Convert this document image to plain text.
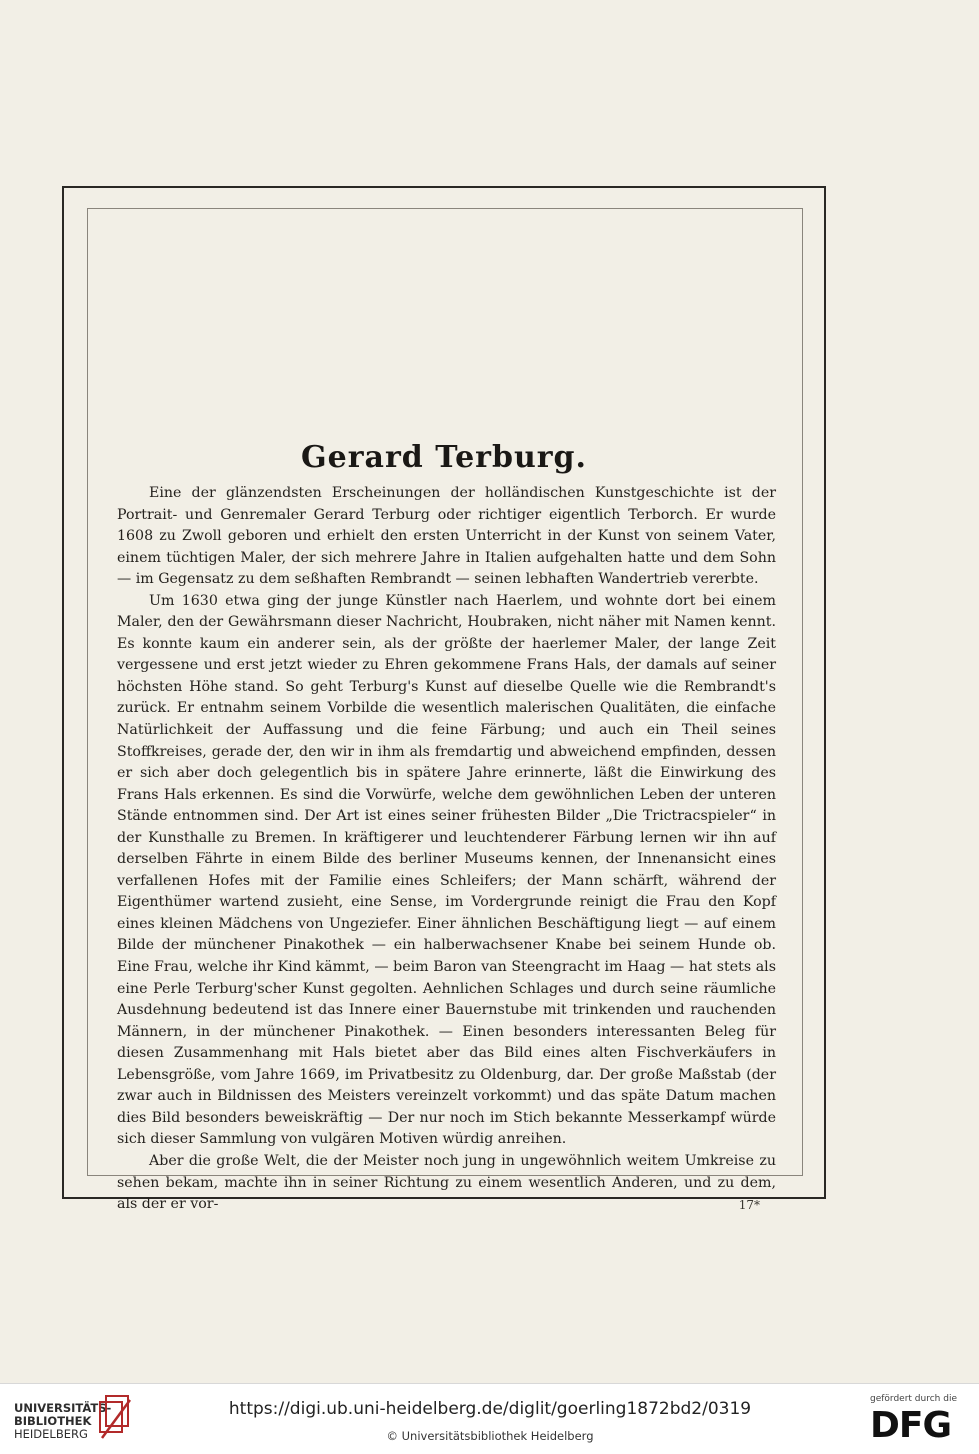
Gerard Terburg.

Eine der glänzendsten Erscheinungen der holländischen Kunstgeschichte ist der Portrait- und Genremaler Gerard Terburg oder richtiger eigentlich Terborch. Er wurde 1608 zu Zwoll geboren und erhielt den ersten Unterricht in der Kunst von seinem Vater, einem tüchtigen Maler, der sich mehrere Jahre in Italien aufgehalten hatte und dem Sohn — im Gegensatz zu dem seßhaften Rembrandt — seinen lebhaften Wandertrieb vererbte.

Um 1630 etwa ging der junge Künstler nach Haerlem, und wohnte dort bei einem Maler, den der Gewährsmann dieser Nachricht, Houbraken, nicht näher mit Namen kennt. Es konnte kaum ein anderer sein, als der größte der haerlemer Maler, der lange Zeit vergessene und erst jetzt wieder zu Ehren gekommene Frans Hals, der damals auf seiner höchsten Höhe stand. So geht Terburg's Kunst auf dieselbe Quelle wie die Rembrandt's zurück. Er entnahm seinem Vorbilde die wesentlich malerischen Qualitäten, die einfache Natürlichkeit der Auffassung und die feine Färbung; und auch ein Theil seines Stoffkreises, gerade der, den wir in ihm als fremdartig und abweichend empfinden, dessen er sich aber doch gelegentlich bis in spätere Jahre erinnerte, läßt die Einwirkung des Frans Hals erkennen. Es sind die Vorwürfe, welche dem gewöhnlichen Leben der unteren Stände entnommen sind. Der Art ist eines seiner frühesten Bilder „Die Trictracspieler“ in der Kunsthalle zu Bremen. In kräftigerer und leuchtenderer Färbung lernen wir ihn auf derselben Fährte in einem Bilde des berliner Museums kennen, der Innenansicht eines verfallenen Hofes mit der Familie eines Schleifers; der Mann schärft, während der Eigenthümer wartend zusieht, eine Sense, im Vordergrunde reinigt die Frau den Kopf eines kleinen Mädchens von Ungeziefer. Einer ähnlichen Beschäftigung liegt — auf einem Bilde der münchener Pinakothek — ein halberwachsener Knabe bei seinem Hunde ob. Eine Frau, welche ihr Kind kämmt, — beim Baron van Steengracht im Haag — hat stets als eine Perle Terburg'scher Kunst gegolten. Aehnlichen Schlages und durch seine räumliche Ausdehnung bedeutend ist das Innere einer Bauernstube mit trinkenden und rauchenden Männern, in der münchener Pinakothek. — Einen besonders interessanten Beleg für diesen Zusammenhang mit Hals bietet aber das Bild eines alten Fischverkäufers in Lebensgröße, vom Jahre 1669, im Privatbesitz zu Oldenburg, dar. Der große Maßstab (der zwar auch in Bildnissen des Meisters vereinzelt vorkommt) und das späte Datum machen dies Bild besonders beweiskräftig — Der nur noch im Stich bekannte Messerkampf würde sich dieser Sammlung von vulgären Motiven würdig anreihen.

Aber die große Welt, die der Meister noch jung in ungewöhnlich weitem Umkreise zu sehen bekam, machte ihn in seiner Richtung zu einem wesentlich Anderen, und zu dem, als der er vor-	17*
UNIVERSITÄTS-
BIBLIOTHEK
HEIDELBERG
https://digi.ub.uni-heidelberg.de/diglit/goerling1872bd2/0319
© Universitätsbibliothek Heidelberg
gefördert durch die
DFG
